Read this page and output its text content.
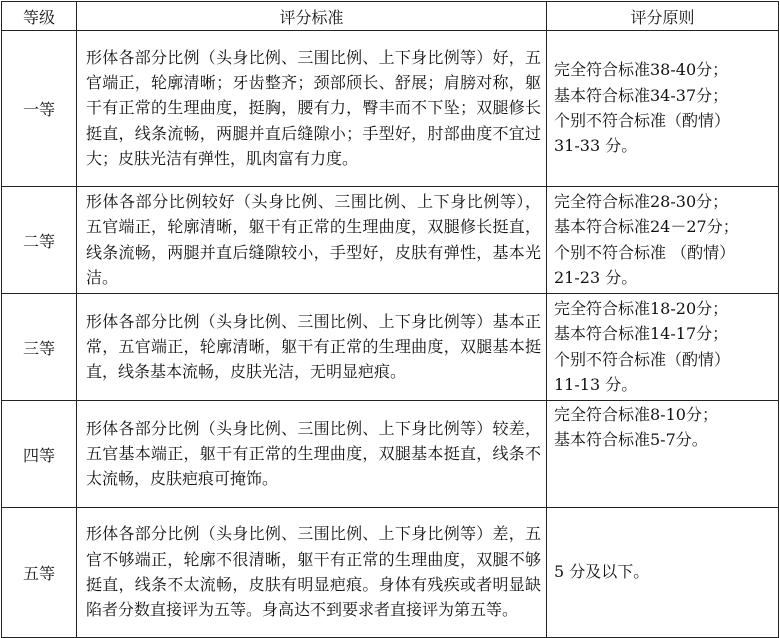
等级	评分标准	评分原则
一等	形体各部分比例（头身比例、三围比例、上下身比例等）好，五官端正，轮廓清晰；牙齿整齐；颈部颀长、舒展；肩膀对称，躯干有正常的生理曲度，挺胸，腰有力，臀丰而不下坠；双腿修长挺直，线条流畅，两腿并直后缝隙小；手型好，肘部曲度不宜过大；皮肤光洁有弹性，肌肉富有力度。	完全符合标准38-40分；
基本符合标准34-37分；
个别不符合标准（酌情）
31-33 分。

二等	形体各部分比例较好（头身比例、三围比例、上下身比例等），五官端正，轮廓清晰，躯干有正常的生理曲度，双腿修长挺直，线条流畅，两腿并直后缝隙较小，手型好，皮肤有弹性，基本光洁。	完全符合标准28-30分；
基本符合标准24－27分；
个别不符合标准 （酌情）
21-23 分。

三等	形体各部分比例（头身比例、三围比例、上下身比例等）基本正常，五官端正，轮廓清晰，躯干有正常的生理曲度，双腿基本挺直，线条基本流畅，皮肤光洁，无明显疤痕。	完全符合标准18-20分；
基本符合标准14-17分；
个别不符合标准（酌情）
11-13 分。

四等	形体各部分比例（头身比例、三围比例、上下身比例等）较差，五官基本端正，躯干有正常的生理曲度，双腿基本挺直，线条不太流畅，皮肤疤痕可掩饰。	完全符合标准8-10分；
基本符合标准5-7分。

五等	形体各部分比例（头身比例、三围比例、上下身比例等）差，五官不够端正，轮廓不很清晰，躯干有正常的生理曲度，双腿不够挺直，线条不太流畅，皮肤有明显疤痕。身体有残疾或者明显缺陷者分数直接评为五等。身高达不到要求者直接评为第五等。	5 分及以下。
